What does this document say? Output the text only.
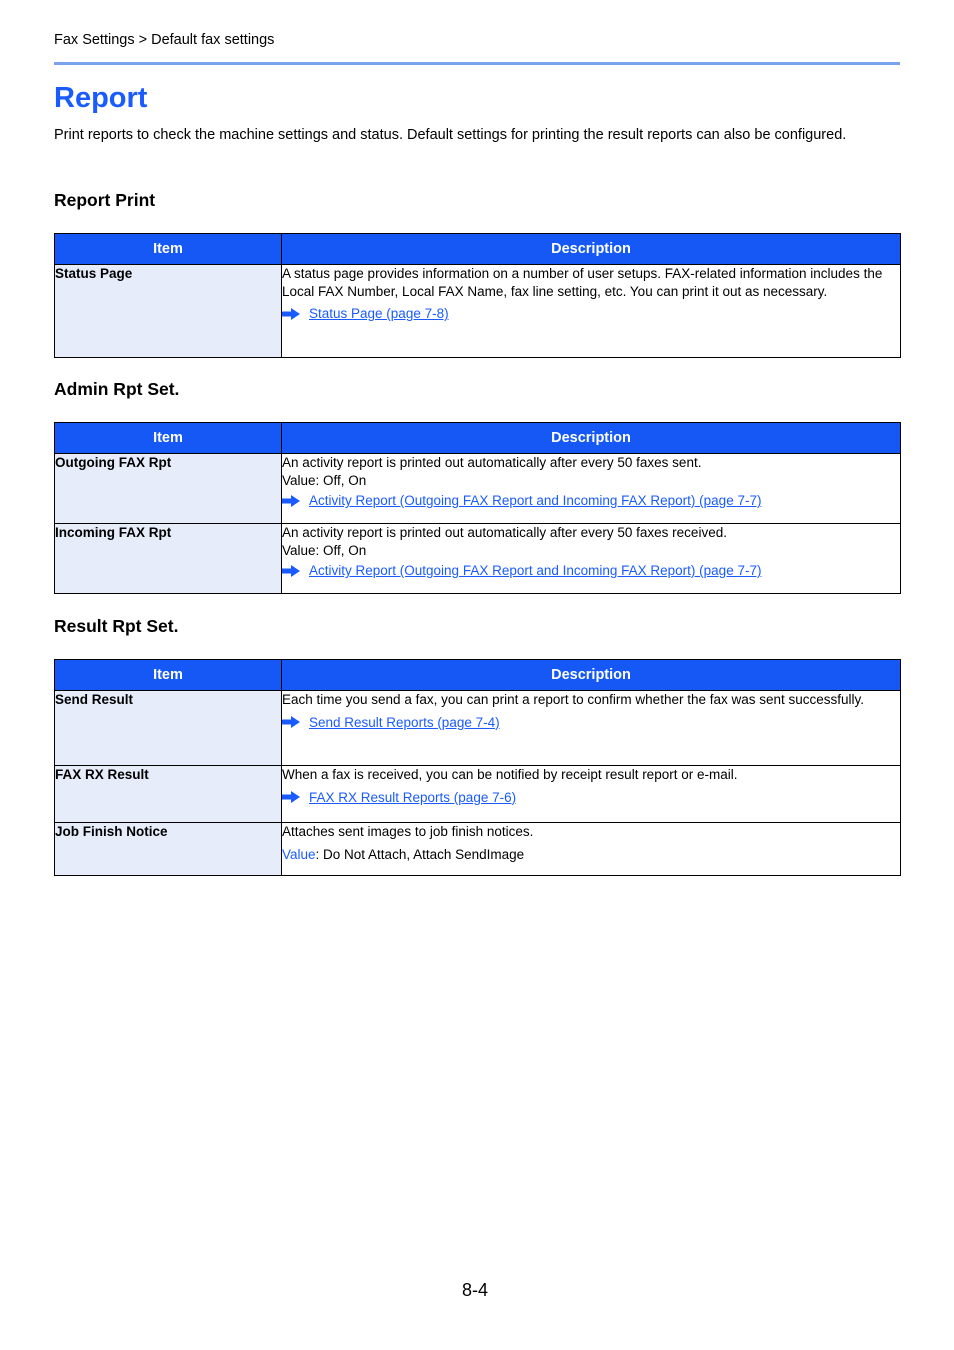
Fax Settings > Default fax settings
Report

Print reports to check the machine settings and status. Default settings for printing the result reports can also be configured.

Report Print
Item	Description
Status Page	A status page provides information on a number of user setups. FAX-related information includes the Local FAX Number, Local FAX Name, fax line setting, etc. You can print it out as necessary.
Status Page (page 7-8)
Admin Rpt Set.
Item	Description
Outgoing FAX Rpt	An activity report is printed out automatically after every 50 faxes sent.
Value: Off, On
Activity Report (Outgoing FAX Report and Incoming FAX Report) (page 7-7)

Incoming FAX Rpt	An activity report is printed out automatically after every 50 faxes received.
Value: Off, On
Activity Report (Outgoing FAX Report and Incoming FAX Report) (page 7-7)
Result Rpt Set.
Item	Description
Send Result	Each time you send a fax, you can print a report to confirm whether the fax was sent successfully.
Send Result Reports (page 7-4)

FAX RX Result	When a fax is received, you can be notified by receipt result report or e-mail.
FAX RX Result Reports (page 7-6)

Job Finish Notice	Attaches sent images to job finish notices.
Value: Do Not Attach, Attach SendImage
8-4
